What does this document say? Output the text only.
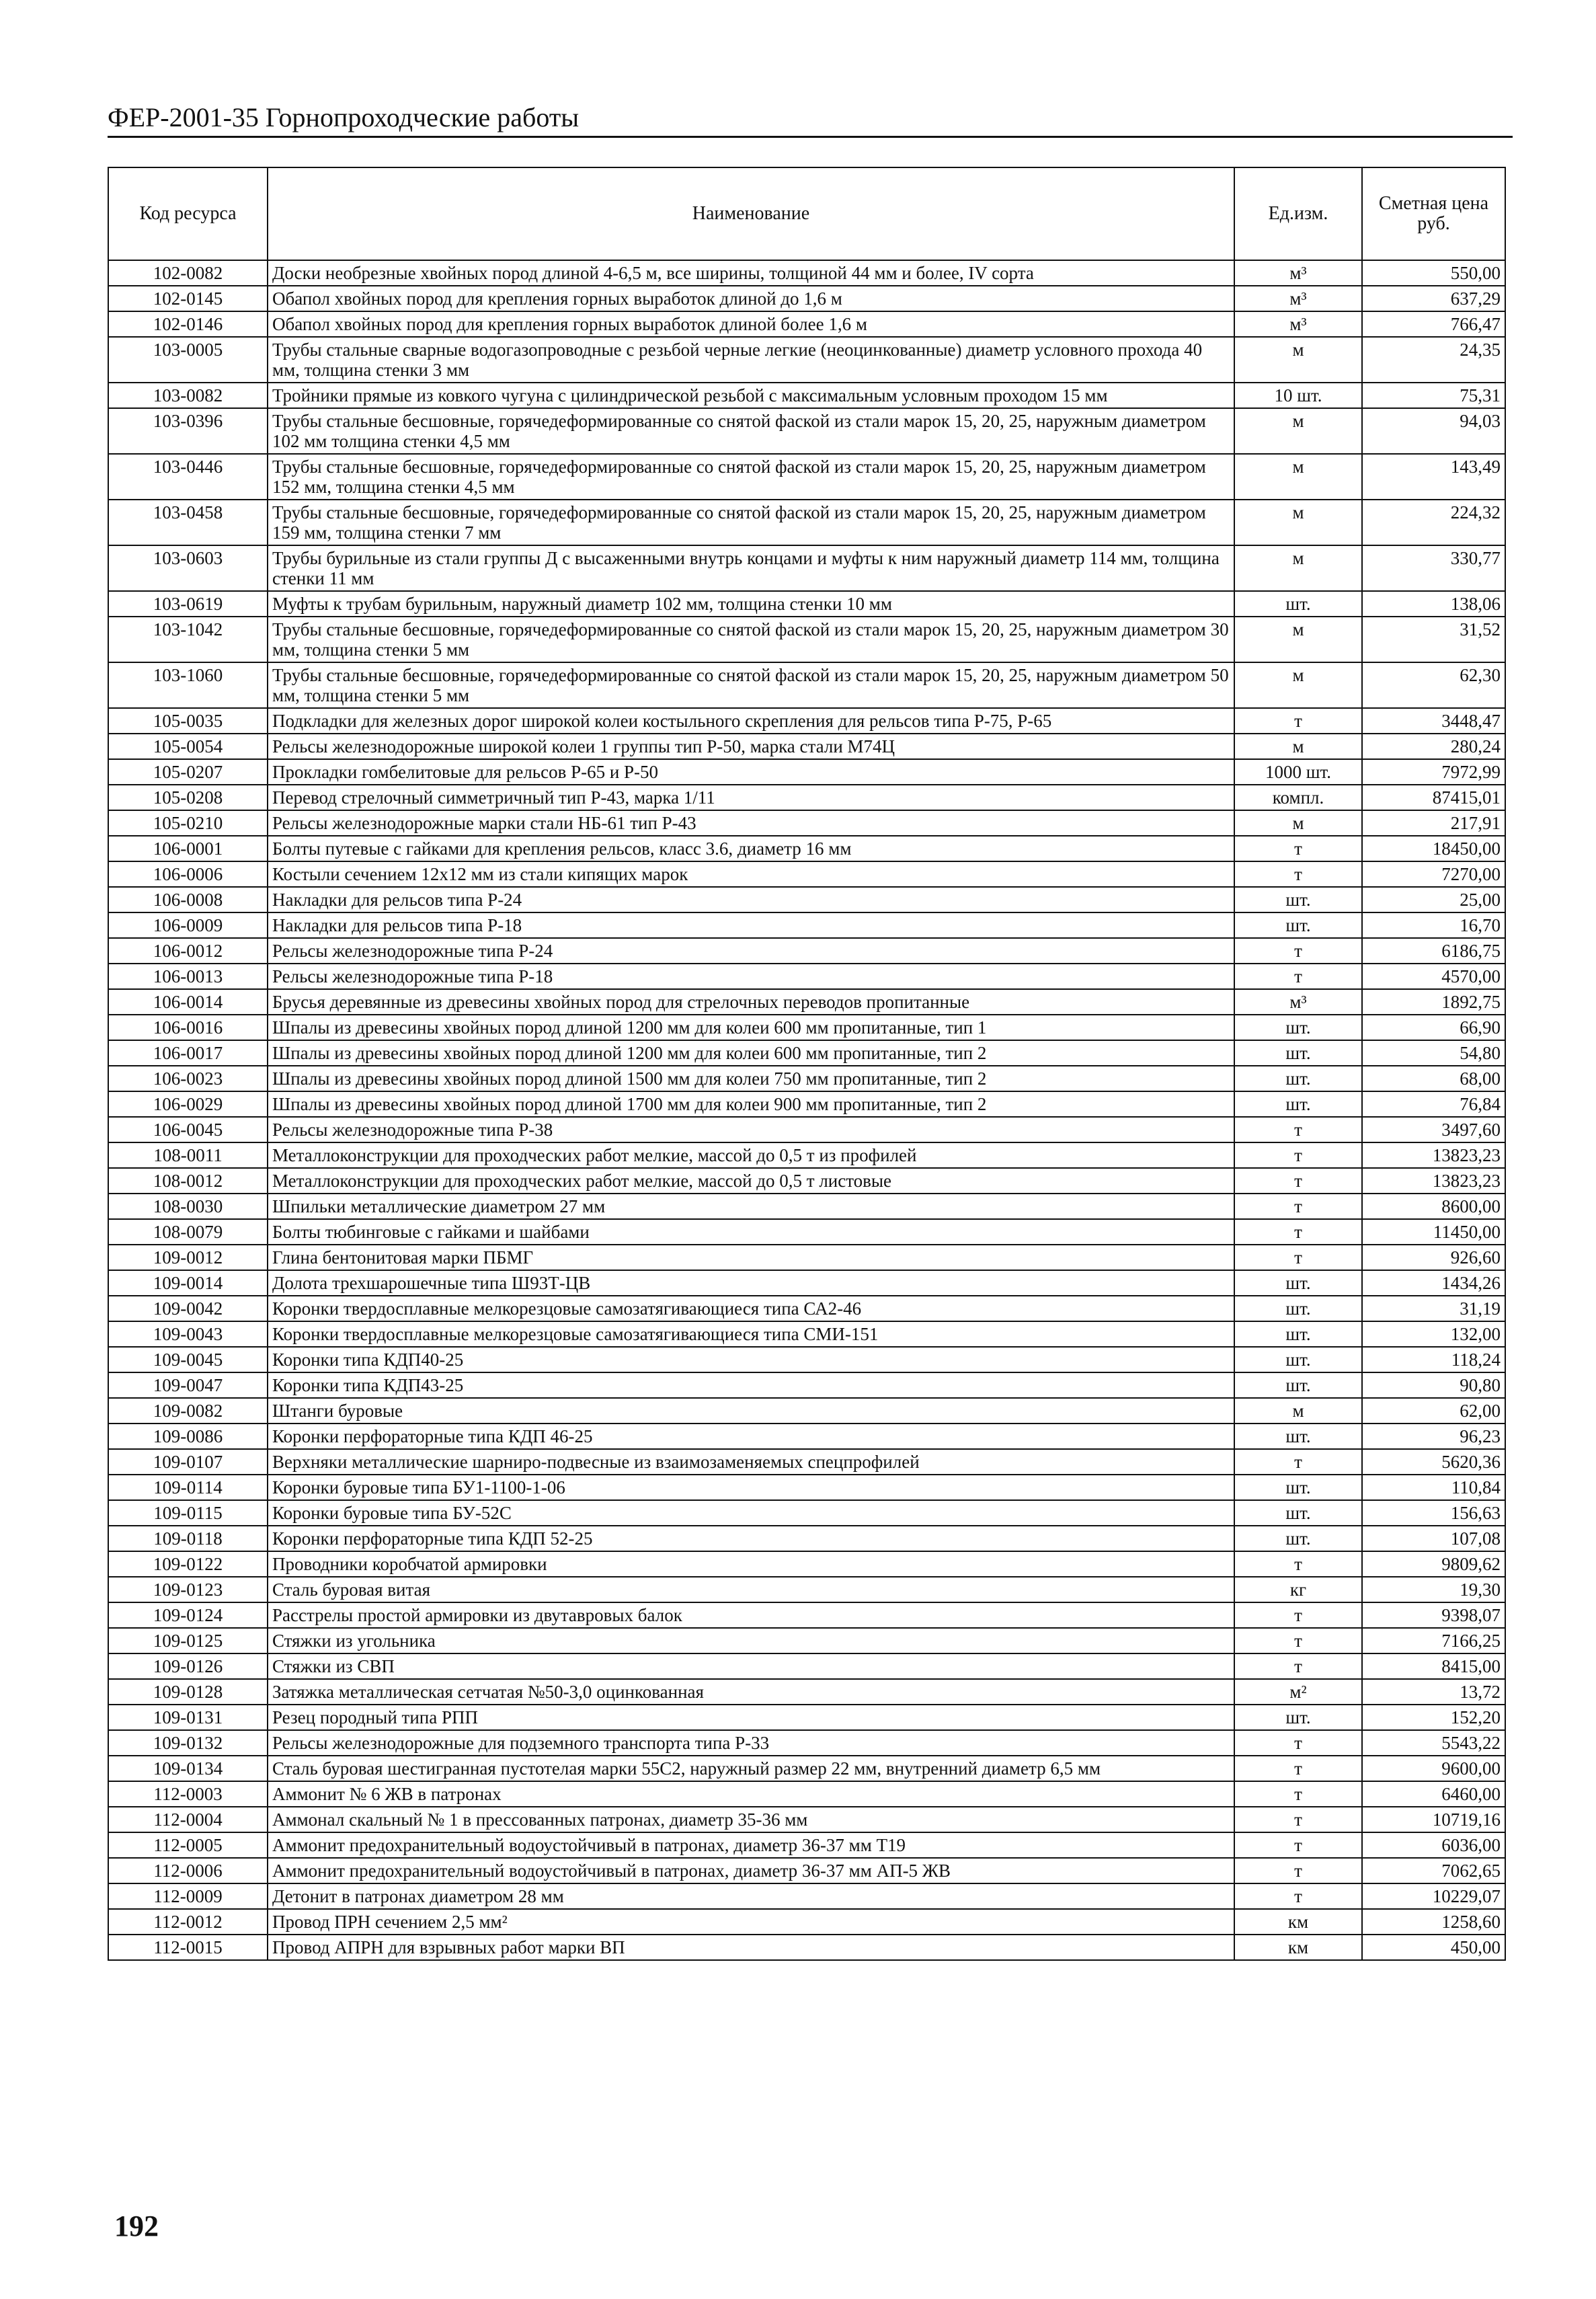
ФЕР-2001-35 Горнопроходческие работы
Код ресурса	Наименование	Ед.изм.	Сметная цена руб.
102-0082	Доски необрезные хвойных пород длиной 4-6,5 м, все ширины, толщиной 44 мм и более, IV сорта	м³	550,00
102-0145	Обапол хвойных пород для крепления горных выработок длиной до 1,6 м	м³	637,29
102-0146	Обапол хвойных пород для крепления горных выработок длиной более 1,6 м	м³	766,47
103-0005	Трубы стальные сварные водогазопроводные с резьбой черные легкие (неоцинкованные) диаметр условного прохода 40 мм, толщина стенки 3 мм	м	24,35
103-0082	Тройники прямые из ковкого чугуна с цилиндрической резьбой с максимальным условным проходом 15 мм	10 шт.	75,31
103-0396	Трубы стальные бесшовные, горячедеформированные со снятой фаской из стали марок 15, 20, 25, наружным диаметром 102 мм толщина стенки 4,5 мм	м	94,03
103-0446	Трубы стальные бесшовные, горячедеформированные со снятой фаской из стали марок 15, 20, 25, наружным диаметром 152 мм, толщина стенки 4,5 мм	м	143,49
103-0458	Трубы стальные бесшовные, горячедеформированные со снятой фаской из стали марок 15, 20, 25, наружным диаметром 159 мм, толщина стенки 7 мм	м	224,32
103-0603	Трубы бурильные из стали группы Д с высаженными внутрь концами и муфты к ним наружный диаметр 114 мм, толщина стенки 11 мм	м	330,77
103-0619	Муфты к трубам бурильным, наружный диаметр 102 мм, толщина стенки 10 мм	шт.	138,06
103-1042	Трубы стальные бесшовные, горячедеформированные со снятой фаской из стали марок 15, 20, 25, наружным диаметром 30 мм, толщина стенки 5 мм	м	31,52
103-1060	Трубы стальные бесшовные, горячедеформированные со снятой фаской из стали марок 15, 20, 25, наружным диаметром 50 мм, толщина стенки 5 мм	м	62,30
105-0035	Подкладки для железных дорог широкой колеи костыльного скрепления для рельсов типа Р-75, Р-65	т	3448,47
105-0054	Рельсы железнодорожные широкой колеи 1 группы тип Р-50, марка стали М74Ц	м	280,24
105-0207	Прокладки гомбелитовые для рельсов Р-65 и Р-50	1000 шт.	7972,99
105-0208	Перевод стрелочный симметричный тип Р-43, марка 1/11	компл.	87415,01
105-0210	Рельсы железнодорожные марки стали НБ-61 тип Р-43	м	217,91
106-0001	Болты путевые с гайками для крепления рельсов, класс 3.6, диаметр 16 мм	т	18450,00
106-0006	Костыли сечением 12x12 мм из стали кипящих марок	т	7270,00
106-0008	Накладки для рельсов типа Р-24	шт.	25,00
106-0009	Накладки для рельсов типа Р-18	шт.	16,70
106-0012	Рельсы железнодорожные типа Р-24	т	6186,75
106-0013	Рельсы железнодорожные типа Р-18	т	4570,00
106-0014	Брусья деревянные из древесины хвойных пород для стрелочных переводов пропитанные	м³	1892,75
106-0016	Шпалы из древесины хвойных пород длиной 1200 мм для колеи 600 мм пропитанные, тип 1	шт.	66,90
106-0017	Шпалы из древесины хвойных пород длиной 1200 мм для колеи 600 мм пропитанные, тип 2	шт.	54,80
106-0023	Шпалы из древесины хвойных пород длиной 1500 мм для колеи 750 мм пропитанные, тип 2	шт.	68,00
106-0029	Шпалы из древесины хвойных пород длиной 1700 мм для колеи 900 мм пропитанные, тип 2	шт.	76,84
106-0045	Рельсы железнодорожные типа Р-38	т	3497,60
108-0011	Металлоконструкции для проходческих работ мелкие, массой до 0,5 т из профилей	т	13823,23
108-0012	Металлоконструкции для проходческих работ мелкие, массой до 0,5 т листовые	т	13823,23
108-0030	Шпильки металлические диаметром 27 мм	т	8600,00
108-0079	Болты тюбинговые с гайками и шайбами	т	11450,00
109-0012	Глина бентонитовая марки ПБМГ	т	926,60
109-0014	Долота трехшарошечные типа Ш93Т-ЦВ	шт.	1434,26
109-0042	Коронки твердосплавные мелкорезцовые самозатягивающиеся типа СА2-46	шт.	31,19
109-0043	Коронки твердосплавные мелкорезцовые самозатягивающиеся типа СМИ-151	шт.	132,00
109-0045	Коронки типа КДП40-25	шт.	118,24
109-0047	Коронки типа КДП43-25	шт.	90,80
109-0082	Штанги буровые	м	62,00
109-0086	Коронки перфораторные типа КДП 46-25	шт.	96,23
109-0107	Верхняки металлические шарниро-подвесные из взаимозаменяемых спецпрофилей	т	5620,36
109-0114	Коронки буровые типа БУ1-1100-1-06	шт.	110,84
109-0115	Коронки буровые типа БУ-52С	шт.	156,63
109-0118	Коронки перфораторные типа КДП 52-25	шт.	107,08
109-0122	Проводники коробчатой армировки	т	9809,62
109-0123	Сталь буровая витая	кг	19,30
109-0124	Расстрелы простой армировки из двутавровых балок	т	9398,07
109-0125	Стяжки из угольника	т	7166,25
109-0126	Стяжки из СВП	т	8415,00
109-0128	Затяжка металлическая сетчатая №50-3,0 оцинкованная	м²	13,72
109-0131	Резец породный типа РПП	шт.	152,20
109-0132	Рельсы железнодорожные для подземного транспорта типа Р-33	т	5543,22
109-0134	Сталь буровая шестигранная пустотелая марки 55С2, наружный размер 22 мм, внутренний диаметр 6,5 мм	т	9600,00
112-0003	Аммонит № 6 ЖВ в патронах	т	6460,00
112-0004	Аммонал скальный № 1 в прессованных патронах, диаметр 35-36 мм	т	10719,16
112-0005	Аммонит предохранительный водоустойчивый в патронах, диаметр 36-37 мм Т19	т	6036,00
112-0006	Аммонит предохранительный водоустойчивый в патронах, диаметр 36-37 мм АП-5 ЖВ	т	7062,65
112-0009	Детонит в патронах диаметром 28 мм	т	10229,07
112-0012	Провод ПРН сечением 2,5 мм²	км	1258,60
112-0015	Провод АПРН для взрывных работ марки ВП	км	450,00
192
